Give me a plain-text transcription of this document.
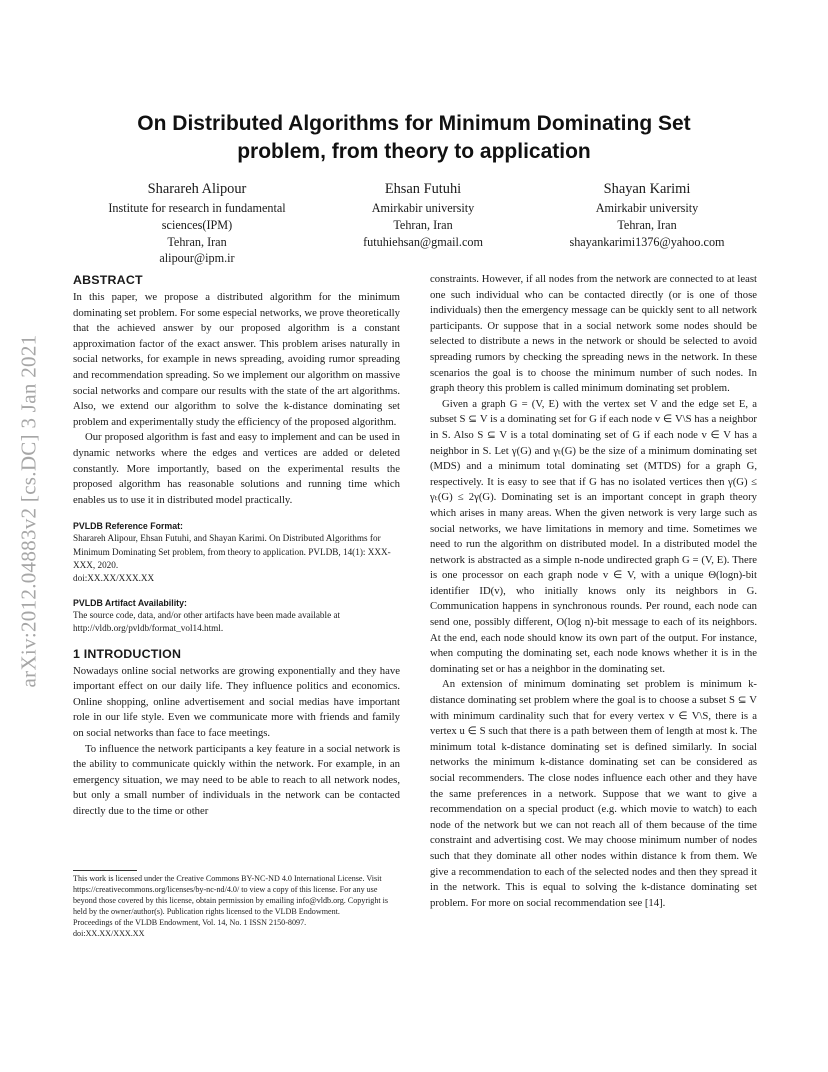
arXiv:2012.04883v2 [cs.DC] 3 Jan 2021
On Distributed Algorithms for Minimum Dominating Set
problem, from theory to application
Sharareh Alipour
Institute for research in fundamental
sciences(IPM)
Tehran, Iran
alipour@ipm.ir
Ehsan Futuhi
Amirkabir university
Tehran, Iran
futuhiehsan@gmail.com
Shayan Karimi
Amirkabir university
Tehran, Iran
shayankarimi1376@yahoo.com
ABSTRACT

In this paper, we propose a distributed algorithm for the minimum dominating set problem. For some especial networks, we prove theoretically that the achieved answer by our proposed algorithm is a constant approximation factor of the exact answer. This problem arises naturally in social networks, for example in news spreading, avoiding rumor spreading and recommendation spreading. So we implement our algorithm on massive social networks and compare our results with the state of the art algorithms. Also, we extend our algorithm to solve the k-distance dominating set problem and experimentally study the efficiency of the proposed algorithm.

Our proposed algorithm is fast and easy to implement and can be used in dynamic networks where the edges and vertices are added or deleted constantly. More importantly, based on the experimental results the proposed algorithm has reasonable solutions and running time which enables us to use it in distributed model practically.

PVLDB Reference Format:

Sharareh Alipour, Ehsan Futuhi, and Shayan Karimi. On Distributed Algorithms for Minimum Dominating Set problem, from theory to application. PVLDB, 14(1): XXX-XXX, 2020.

doi:XX.XX/XXX.XX

PVLDB Artifact Availability:

The source code, data, and/or other artifacts have been made available at http://vldb.org/pvldb/format_vol14.html.

1 INTRODUCTION

Nowadays online social networks are growing exponentially and they have important effect on our daily life. They influence politics and economics. Online shopping, online advertisement and social medias have important role in our life style. Even we communicate more with friends and family on social networks than face to face meetings.

To influence the network participants a key feature in a social network is the ability to communicate quickly within the network. For example, in an emergency situation, we may need to be able to reach to all network nodes, but only a small number of individuals in the network can be contacted directly due to the time or other

constraints. However, if all nodes from the network are connected to at least one such individual who can be contacted directly (or is one of those individuals) then the emergency message can be quickly sent to all network participants. Or suppose that in a social network some nodes should be selected to distribute a news in the network or should be selected to avoid spreading rumors by checking the spreading news in the network. In these scenarios the goal is to choose the minimum number of such nodes. In graph theory this problem is called minimum dominating set problem.

Given a graph G = (V, E) with the vertex set V and the edge set E, a subset S ⊆ V is a dominating set for G if each node v ∈ V\S has a neighbor in S. Also S ⊆ V is a total dominating set of G if each node v ∈ V has a neighbor in S. Let γ(G) and γₜ(G) be the size of a minimum dominating set (MDS) and a minimum total dominating set (MTDS) for a graph G, respectively. It is easy to see that if G has no isolated vertices then γ(G) ≤ γₜ(G) ≤ 2γ(G). Dominating set is an important concept in graph theory which arises in many areas. When the given network is very large such as social networks, we have limitations in memory and time. Sometimes we need to run the algorithm on distributed model. In a distributed model the network is abstracted as a simple n-node undirected graph G = (V, E). There is one processor on each graph node v ∈ V, with a unique Θ(logn)-bit identifier ID(v), who initially knows only its neighbors in G. Communication happens in synchronous rounds. Per round, each node can send one, possibly different, O(log n)-bit message to each of its neighbors. At the end, each node should know its own part of the output. For instance, when computing the dominating set, each node knows whether it is in the dominating set or has a neighbor in the dominating set.

An extension of minimum dominating set problem is minimum k-distance dominating set problem where the goal is to choose a subset S ⊆ V with minimum cardinality such that for every vertex v ∈ V\S, there is a vertex u ∈ S such that there is a path between them of length at most k. The minimum total k-distance dominating set is defined similarly. In social networks the minimum k-distance dominating set can be considered as social recommenders. The close nodes influence each other and they have the same preferences in a network. Suppose that we want to give a recommendation on a special product (e.g. which movie to watch) to each node of the network but we can not reach all of them because of the time constraint and advertising cost. We may choose minimum number of nodes such that they dominate all other nodes within distance k from them. We give a recommendation to each of the selected nodes and then they spread it in the network. This is equal to solving the k-distance dominating set problem. For more on social recommendation see [14].

This work is licensed under the Creative Commons BY-NC-ND 4.0 International License. Visit https://creativecommons.org/licenses/by-nc-nd/4.0/ to view a copy of this license. For any use beyond those covered by this license, obtain permission by emailing info@vldb.org. Copyright is held by the owner/author(s). Publication rights licensed to the VLDB Endowment.

Proceedings of the VLDB Endowment, Vol. 14, No. 1 ISSN 2150-8097.

doi:XX.XX/XXX.XX
